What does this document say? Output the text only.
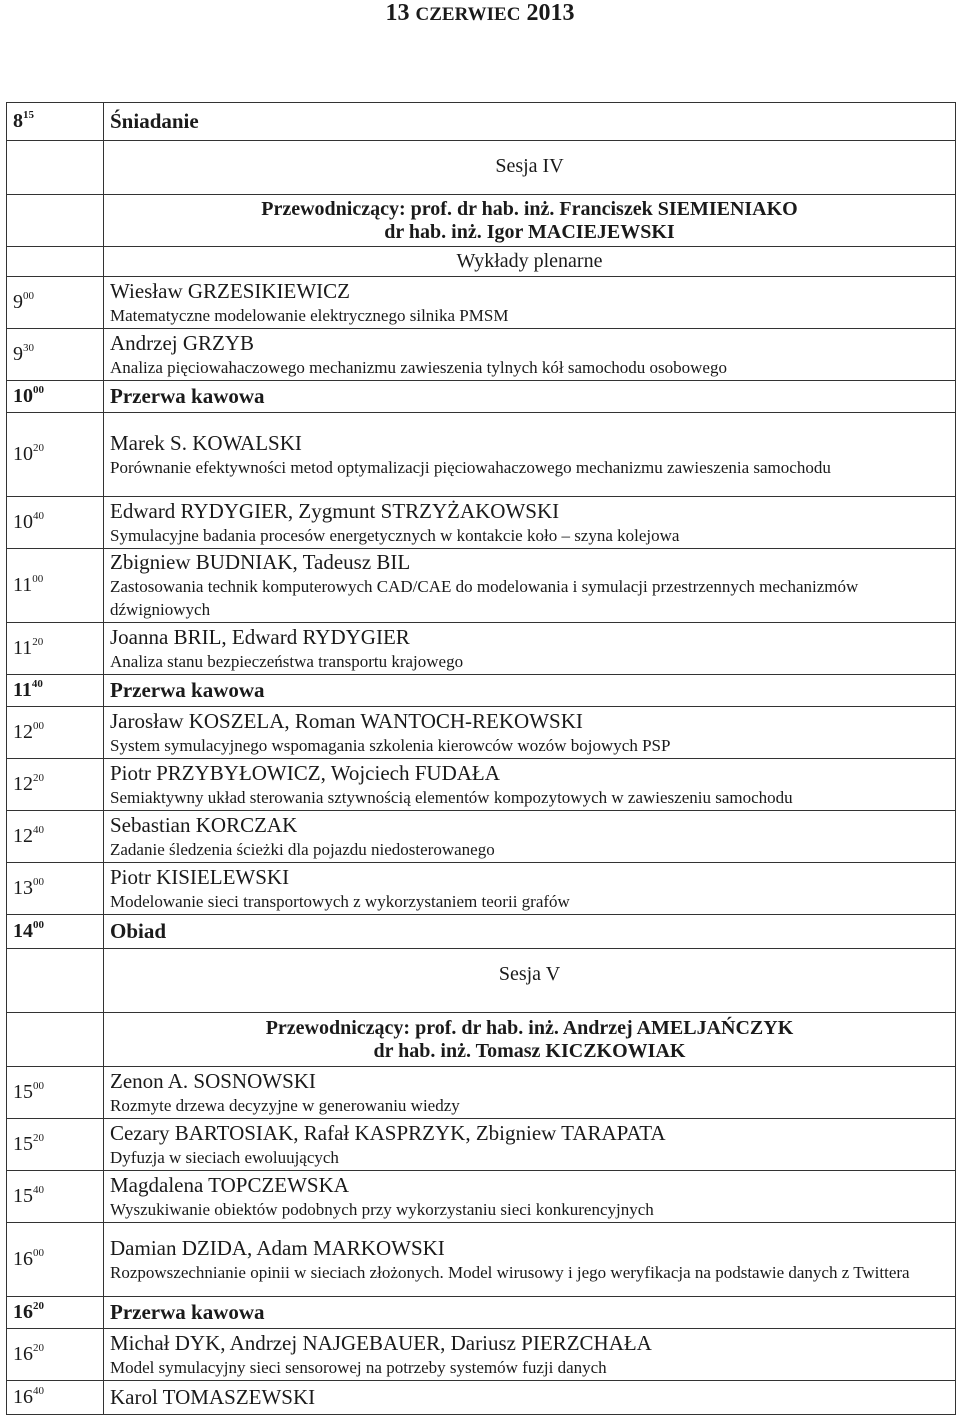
13 CZERWIEC 2013
$8^{15}$	Śniadanie
	Sesja IV

	Przewodniczący: prof. dr hab. inż. Franciszek SIEMIENIAKO
dr hab. inż. Igor MACIEJEWSKI

	Wykłady plenarne
$9^{00}$	Wiesław GRZESIKIEWICZ
Matematyczne modelowanie elektrycznego silnika PMSM

$9^{30}$	Andrzej GRZYB
Analiza pięciowahaczowego mechanizmu zawieszenia tylnych kół samochodu osobowego

$10^{00}$	Przerwa kawowa
$10^{20}$	Marek S. KOWALSKI
Porównanie efektywności metod optymalizacji pięciowahaczowego mechanizmu zawieszenia samochodu

$10^{40}$	Edward RYDYGIER, Zygmunt STRZYŻAKOWSKI
Symulacyjne badania procesów energetycznych w kontakcie koło – szyna kolejowa

$11^{00}$	Zbigniew BUDNIAK, Tadeusz BIL
Zastosowania technik komputerowych CAD/CAE do modelowania i symulacji przestrzennych mechanizmów dźwigniowych

$11^{20}$	Joanna BRIL, Edward RYDYGIER
Analiza stanu bezpieczeństwa transportu krajowego

$11^{40}$	Przerwa kawowa
$12^{00}$	Jarosław KOSZELA, Roman WANTOCH-REKOWSKI
System symulacyjnego wspomagania szkolenia kierowców wozów bojowych PSP

$12^{20}$	Piotr PRZYBYŁOWICZ, Wojciech FUDAŁA
Semiaktywny układ sterowania sztywnością elementów kompozytowych w zawieszeniu samochodu

$12^{40}$	Sebastian KORCZAK
Zadanie śledzenia ścieżki dla pojazdu niedosterowanego

$13^{00}$	Piotr KISIELEWSKI
Modelowanie sieci transportowych z wykorzystaniem teorii grafów

$14^{00}$	Obiad
	Sesja V

	Przewodniczący: prof. dr hab. inż. Andrzej AMELJAŃCZYK
dr hab. inż. Tomasz KICZKOWIAK

$15^{00}$	Zenon A. SOSNOWSKI
Rozmyte drzewa decyzyjne w generowaniu wiedzy

$15^{20}$	Cezary BARTOSIAK, Rafał KASPRZYK, Zbigniew TARAPATA
Dyfuzja w sieciach ewoluujących

$15^{40}$	Magdalena TOPCZEWSKA
Wyszukiwanie obiektów podobnych przy wykorzystaniu sieci konkurencyjnych

$16^{00}$	Damian DZIDA, Adam MARKOWSKI
Rozpowszechnianie opinii w sieciach złożonych. Model wirusowy i jego weryfikacja na podstawie danych z Twittera

$16^{20}$	Przerwa kawowa
$16^{20}$	Michał DYK, Andrzej NAJGEBAUER, Dariusz PIERZCHAŁA
Model symulacyjny sieci sensorowej na potrzeby systemów fuzji danych

$16^{40}$	Karol TOMASZEWSKI
